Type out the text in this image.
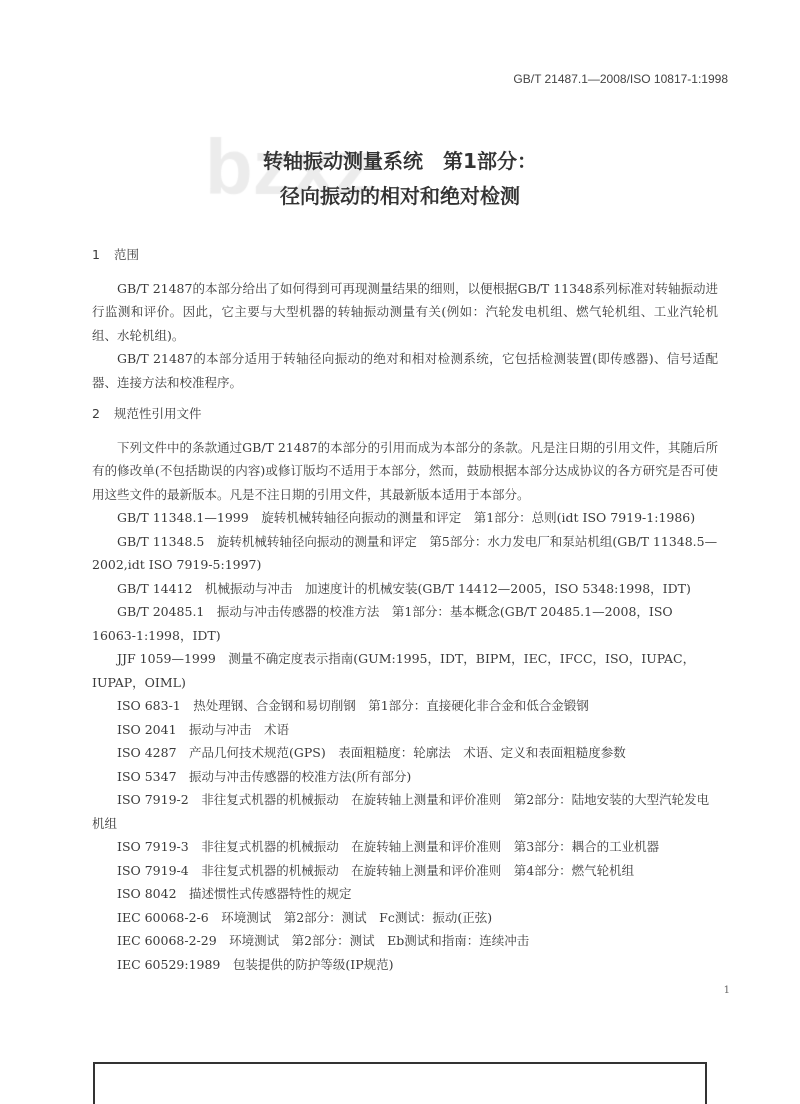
GB/T 21487.1—2008/ISO 10817-1:1998
转轴振动测量系统　第1部分：
径向振动的相对和绝对检测
1 范围

GB/T 21487的本部分给出了如何得到可再现测量结果的细则，以便根据GB/T 11348系列标准对转轴振动进行监测和评价。因此，它主要与大型机器的转轴振动测量有关(例如：汽轮发电机组、燃气轮机组、工业汽轮机组、水轮机组)。

GB/T 21487的本部分适用于转轴径向振动的绝对和相对检测系统，它包括检测装置(即传感器)、信号适配器、连接方法和校准程序。

2 规范性引用文件

下列文件中的条款通过GB/T 21487的本部分的引用而成为本部分的条款。凡是注日期的引用文件，其随后所有的修改单(不包括勘误的内容)或修订版均不适用于本部分，然而，鼓励根据本部分达成协议的各方研究是否可使用这些文件的最新版本。凡是不注日期的引用文件，其最新版本适用于本部分。

GB/T 11348.1—1999　旋转机械转轴径向振动的测量和评定　第1部分：总则(idt ISO 7919-1:1986)

GB/T 11348.5　旋转机械转轴径向振动的测量和评定　第5部分：水力发电厂和泵站机组(GB/T 11348.5—2002,idt ISO 7919-5:1997)

GB/T 14412　机械振动与冲击　加速度计的机械安装(GB/T 14412—2005，ISO 5348:1998，IDT)

GB/T 20485.1　振动与冲击传感器的校准方法　第1部分：基本概念(GB/T 20485.1—2008，ISO 16063-1:1998，IDT)

JJF 1059—1999　测量不确定度表示指南(GUM:1995，IDT，BIPM，IEC，IFCC，ISO，IUPAC，IUPAP，OIML)

ISO 683-1　热处理钢、合金钢和易切削钢　第1部分：直接硬化非合金和低合金锻钢

ISO 2041　振动与冲击　术语

ISO 4287　产品几何技术规范(GPS)　表面粗糙度：轮廓法　术语、定义和表面粗糙度参数

ISO 5347　振动与冲击传感器的校准方法(所有部分)

ISO 7919-2　非往复式机器的机械振动　在旋转轴上测量和评价准则　第2部分：陆地安装的大型汽轮发电机组

ISO 7919-3　非往复式机器的机械振动　在旋转轴上测量和评价准则　第3部分：耦合的工业机器

ISO 7919-4　非往复式机器的机械振动　在旋转轴上测量和评价准则　第4部分：燃气轮机组

ISO 8042　描述惯性式传感器特性的规定

IEC 60068-2-6　环境测试　第2部分：测试　Fc测试：振动(正弦)

IEC 60068-2-29　环境测试　第2部分：测试　Eb测试和指南：连续冲击

IEC 60529:1989　包装提供的防护等级(IP规范)

1
